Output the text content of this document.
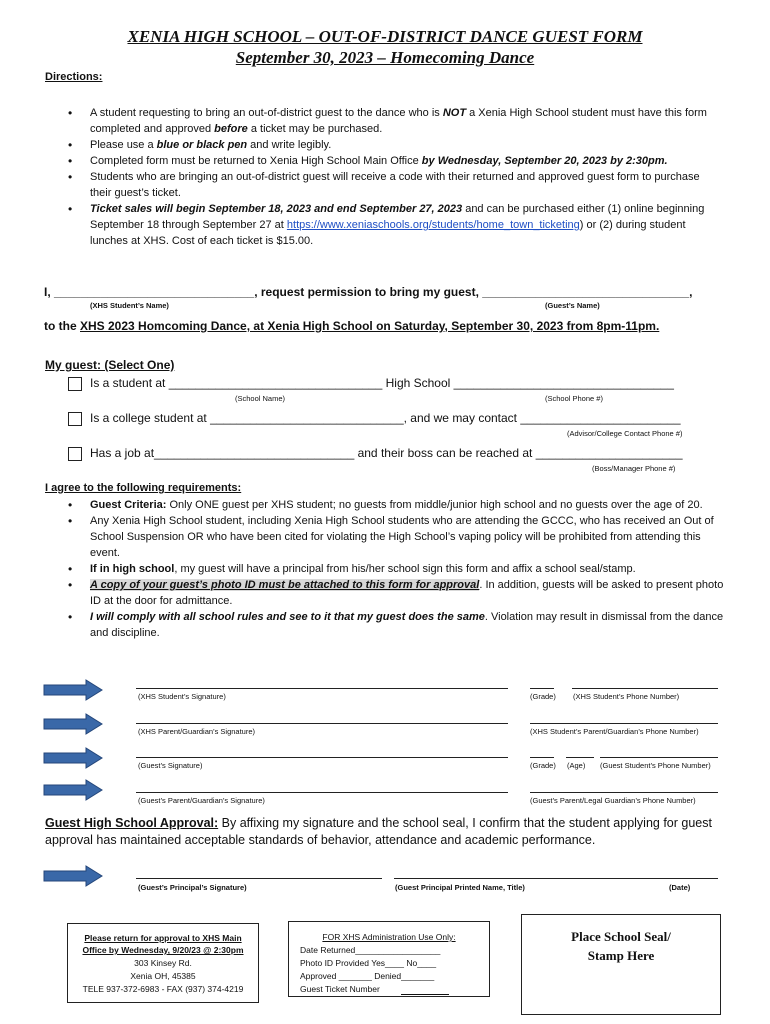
XENIA HIGH SCHOOL – OUT-OF-DISTRICT DANCE GUEST FORM
September 30, 2023 – Homecoming Dance
Directions:
• A student requesting to bring an out-of-district guest to the dance who is NOT a Xenia High School student must have this form completed and approved before a ticket may be purchased.
• Please use a blue or black pen and write legibly.
• Completed form must be returned to Xenia High School Main Office by Wednesday, September 20, 2023 by 2:30pm.
• Students who are bringing an out-of-district guest will receive a code with their returned and approved guest form to purchase their guest’s ticket.
• Ticket sales will begin September 18, 2023 and end September 27, 2023 and can be purchased either (1) online beginning September 18 through September 27 at https://www.xeniaschools.org/students/home_town_ticketing) or (2) during student lunches at XHS. Cost of each ticket is $15.00.
I, ______________________________, request permission to bring my guest, _______________________________,
(XHS Student’s Name)	(Guest’s Name)
to the XHS 2023 Homcoming Dance, at Xenia High School on Saturday, September 30, 2023 from 8pm-11pm.
My guest: (Select One)
Is a student at ________________________________ High School _________________________________
(School Name)	(School Phone #)
Is a college student at _____________________________, and we may contact ________________________
(Advisor/College Contact Phone #)
Has a job at______________________________ and their boss can be reached at ______________________
(Boss/Manager Phone #)
I agree to the following requirements:
• Guest Criteria: Only ONE guest per XHS student; no guests from middle/junior high school and no guests over the age of 20.
• Any Xenia High School student, including Xenia High School students who are attending the GCCC, who has received an Out of School Suspension OR who have been cited for violating the High School’s vaping policy will be prohibited from attending this event.
• If in high school, my guest will have a principal from his/her school sign this form and affix a school seal/stamp.
• A copy of your guest’s photo ID must be attached to this form for approval. In addition, guests will be asked to present photo ID at the door for admittance.
• I will comply with all school rules and see to it that my guest does the same. Violation may result in dismissal from the dance and discipline.
(XHS Student’s Signature)	(Grade) (XHS Student’s Phone Number)
(XHS Parent/Guardian’s Signature)	(XHS Student’s Parent/Guardian’s Phone Number)
(Guest’s Signature)	(Grade) (Age) (Guest Student’s Phone Number)
(Guest’s Parent/Guardian’s Signature)	(Guest’s Parent/Legal Guardian’s Phone Number)
Guest High School Approval: By affixing my signature and the school seal, I confirm that the student applying for guest approval has maintained acceptable standards of behavior, attendance and academic performance.
(Guest’s Principal’s Signature)	(Guest Principal Printed Name, Title)	(Date)
Please return for approval to XHS Main
Office by Wednesday, 9/20/23 @ 2:30pm
303 Kinsey Rd.
Xenia OH, 45385
TELE 937-372-6983 - FAX (937) 374-4219
FOR XHS Administration Use Only:
Date Returned__________________
Photo ID Provided Yes____ No____
Approved _______ Denied_______
Guest Ticket Number
Place School Seal/
Stamp Here
